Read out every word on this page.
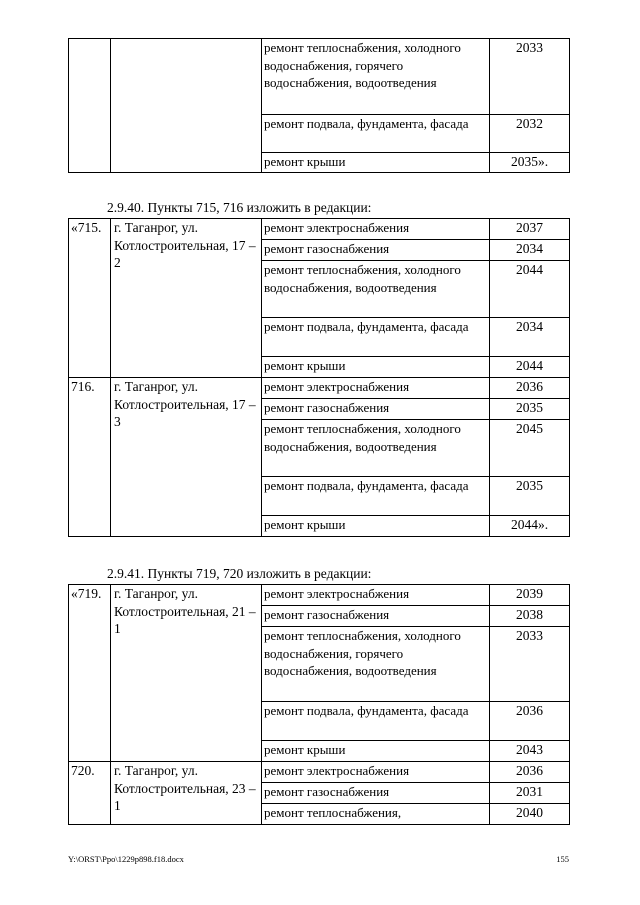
		ремонт теплоснабжения, холодного водоснабжения, горячего водоснабжения, водоотведения	2033
		ремонт подвала, фундамента, фасада	2032
		ремонт крыши	2035».
2.9.40. Пункты 715, 716 изложить в редакции:
«715.	г. Таганрог, ул. Котлостроительная, 17 – 2	ремонт электроснабжения	2037
		ремонт газоснабжения	2034
		ремонт теплоснабжения, холодного водоснабжения, водоотведения	2044
		ремонт подвала, фундамента, фасада	2034
		ремонт крыши	2044
716.	г. Таганрог, ул. Котлостроительная, 17 – 3	ремонт электроснабжения	2036
		ремонт газоснабжения	2035
		ремонт теплоснабжения, холодного водоснабжения, водоотведения	2045
		ремонт подвала, фундамента, фасада	2035
		ремонт крыши	2044».
2.9.41. Пункты 719, 720 изложить в редакции:
«719.	г. Таганрог, ул. Котлостроительная, 21 – 1	ремонт электроснабжения	2039
		ремонт газоснабжения	2038
		ремонт теплоснабжения, холодного водоснабжения, горячего водоснабжения, водоотведения	2033
		ремонт подвала, фундамента, фасада	2036
		ремонт крыши	2043
720.	г. Таганрог, ул. Котлостроительная, 23 – 1	ремонт электроснабжения	2036
		ремонт газоснабжения	2031
		ремонт теплоснабжения,	2040
Y:\ORST\Ppo\1229p898.f18.docx	155
